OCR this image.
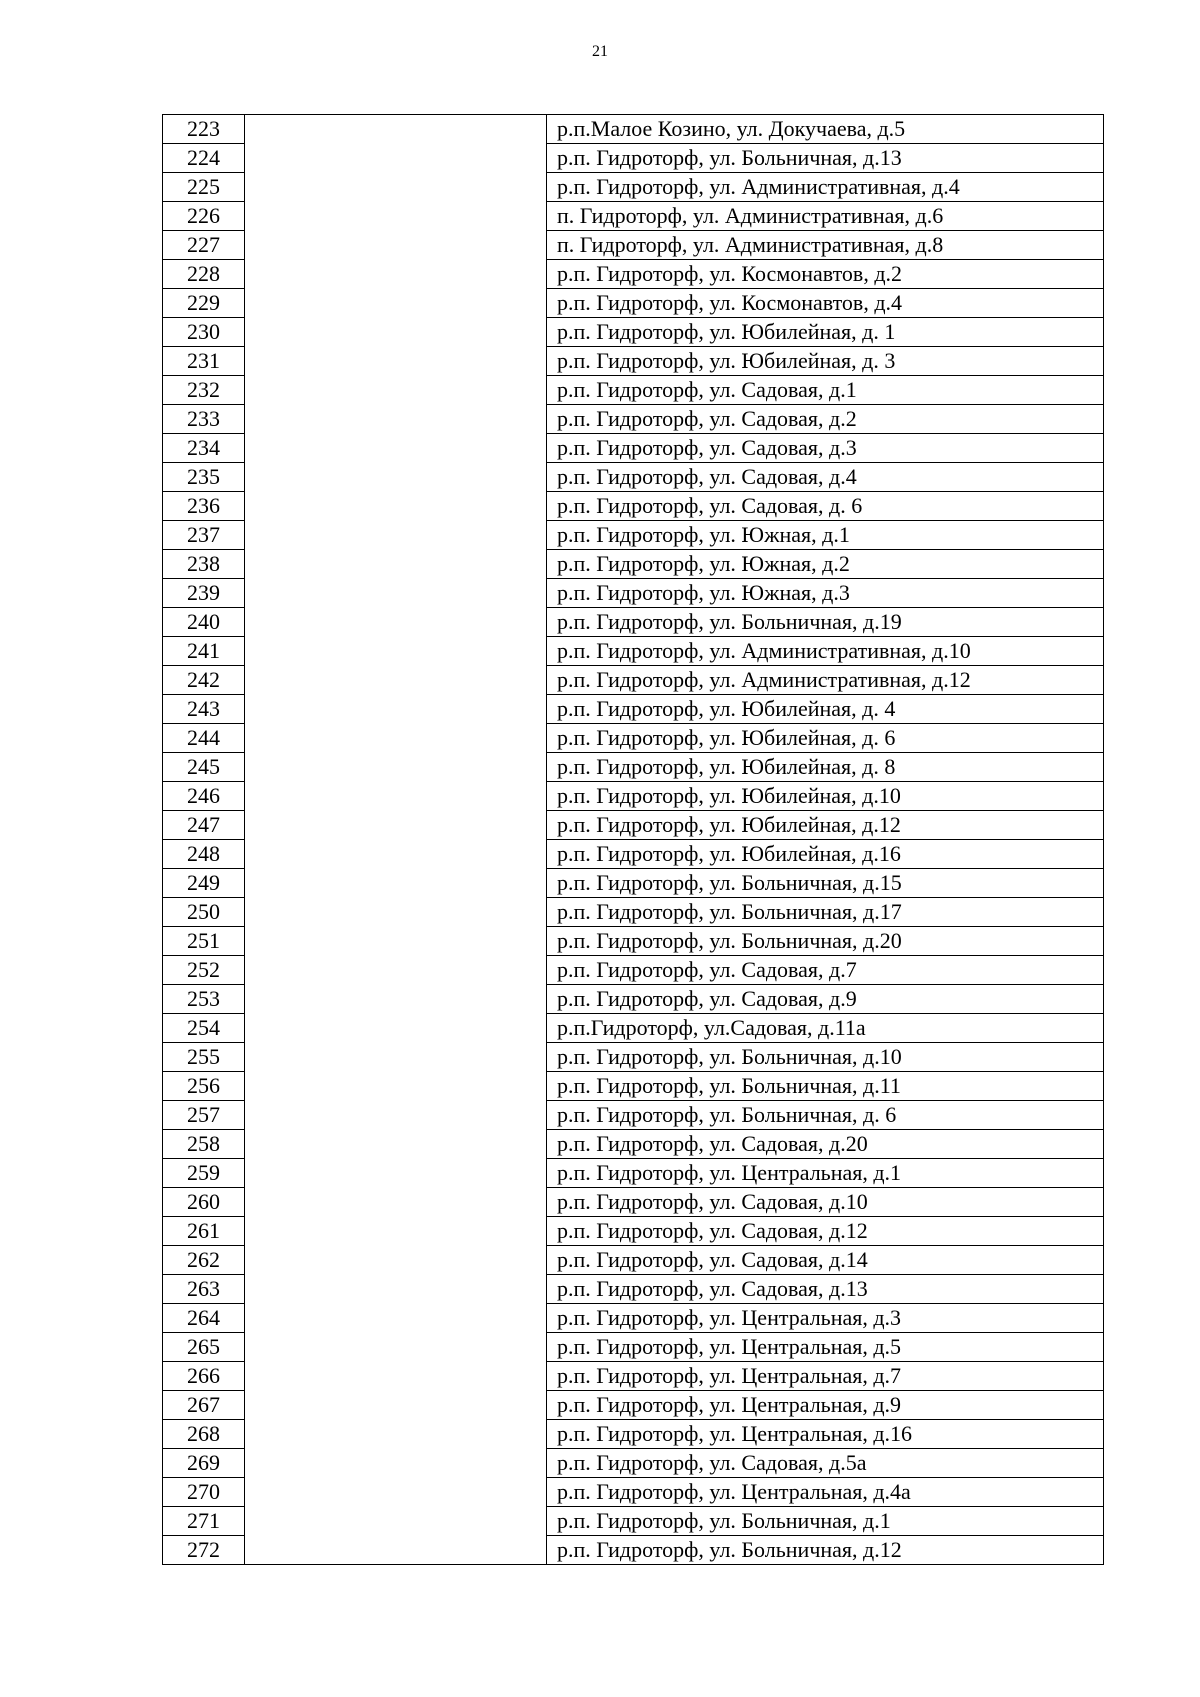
21
223		р.п.Малое Козино, ул. Докучаева, д.5
224		р.п. Гидроторф, ул. Больничная, д.13
225		р.п. Гидроторф, ул. Административная, д.4
226		п. Гидроторф, ул. Административная, д.6
227		п. Гидроторф, ул. Административная, д.8
228		р.п. Гидроторф, ул. Космонавтов, д.2
229		р.п. Гидроторф, ул. Космонавтов, д.4
230		р.п. Гидроторф, ул. Юбилейная, д. 1
231		р.п. Гидроторф, ул. Юбилейная, д. 3
232		р.п. Гидроторф, ул. Садовая, д.1
233		р.п. Гидроторф, ул. Садовая, д.2
234		р.п. Гидроторф, ул. Садовая, д.3
235		р.п. Гидроторф, ул. Садовая, д.4
236		р.п. Гидроторф, ул. Садовая, д. 6
237		р.п. Гидроторф, ул. Южная, д.1
238		р.п. Гидроторф, ул. Южная, д.2
239		р.п. Гидроторф, ул. Южная, д.3
240		р.п. Гидроторф, ул. Больничная, д.19
241		р.п. Гидроторф, ул. Административная, д.10
242		р.п. Гидроторф, ул. Административная, д.12
243		р.п. Гидроторф, ул. Юбилейная, д. 4
244		р.п. Гидроторф, ул. Юбилейная, д. 6
245		р.п. Гидроторф, ул. Юбилейная, д. 8
246		р.п. Гидроторф, ул. Юбилейная, д.10
247		р.п. Гидроторф, ул. Юбилейная, д.12
248		р.п. Гидроторф, ул. Юбилейная, д.16
249		р.п. Гидроторф, ул. Больничная, д.15
250		р.п. Гидроторф, ул. Больничная, д.17
251		р.п. Гидроторф, ул. Больничная, д.20
252		р.п. Гидроторф, ул. Садовая, д.7
253		р.п. Гидроторф, ул. Садовая, д.9
254		р.п.Гидроторф, ул.Садовая, д.11а
255		р.п. Гидроторф, ул. Больничная, д.10
256		р.п. Гидроторф, ул. Больничная, д.11
257		р.п. Гидроторф, ул. Больничная, д. 6
258		р.п. Гидроторф, ул. Садовая, д.20
259		р.п. Гидроторф, ул. Центральная, д.1
260		р.п. Гидроторф, ул. Садовая, д.10
261		р.п. Гидроторф, ул. Садовая, д.12
262		р.п. Гидроторф, ул. Садовая, д.14
263		р.п. Гидроторф, ул. Садовая, д.13
264		р.п. Гидроторф, ул. Центральная, д.3
265		р.п. Гидроторф, ул. Центральная, д.5
266		р.п. Гидроторф, ул. Центральная, д.7
267		р.п. Гидроторф, ул. Центральная, д.9
268		р.п. Гидроторф, ул. Центральная, д.16
269		р.п. Гидроторф, ул. Садовая, д.5а
270		р.п. Гидроторф, ул. Центральная, д.4а
271		р.п. Гидроторф, ул. Больничная, д.1
272		р.п. Гидроторф, ул. Больничная, д.12
